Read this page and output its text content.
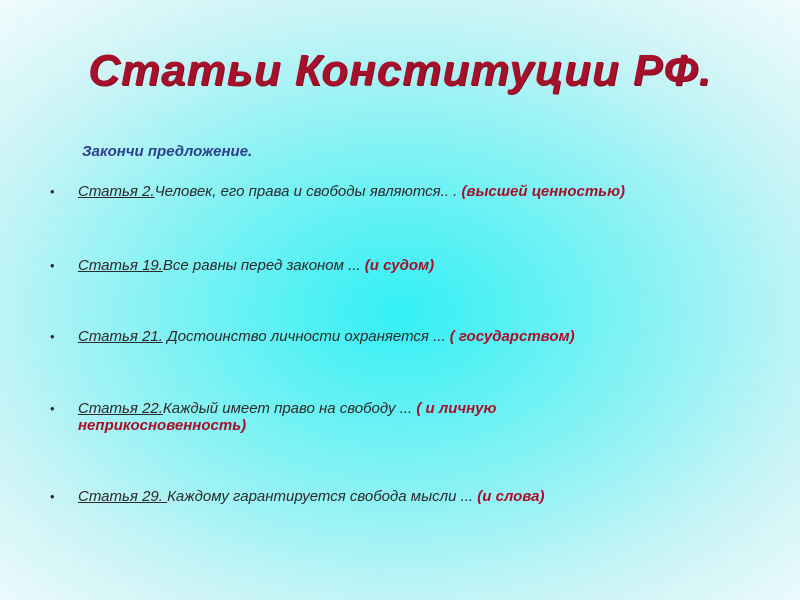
Статьи Конституции РФ.

Закончи предложение.

• Статья 2.Человек, его права и свободы являются.. . (высшей ценностью)
• Статья 19.Все равны перед законом ... (и судом)
• Статья 21. Достоинство личности охраняется ... ( государством)
• Статья 22.Каждый имеет право на свободу ... ( и личную неприкосновенность)
• Статья 29. Каждому гарантируется свобода мысли ... (и слова)
